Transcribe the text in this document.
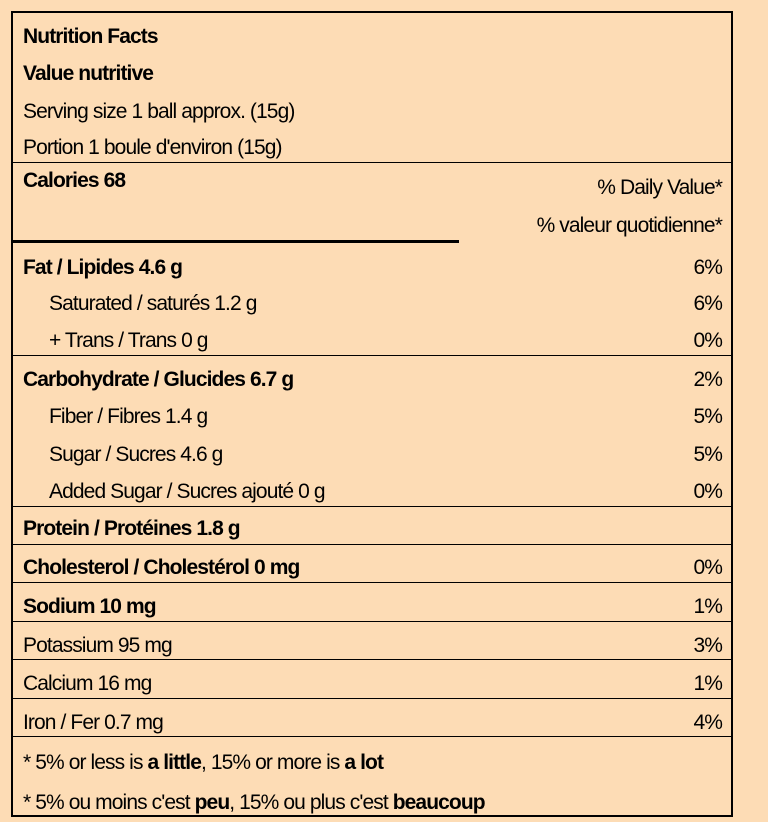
Nutrition Facts
Value nutritive
Serving size 1 ball approx. (15g)
Portion 1 boule d'environ (15g)
Calories 68	% Daily Value*
% valeur quotidienne*
Fat / Lipides 4.6 g	6%
Saturated / saturés 1.2 g	6%
+ Trans / Trans 0 g	0%
Carbohydrate / Glucides 6.7 g	2%
Fiber / Fibres 1.4 g	5%
Sugar / Sucres 4.6 g	5%
Added Sugar / Sucres ajouté 0 g	0%
Protein / Protéines 1.8 g
Cholesterol / Cholestérol 0 mg	0%
Sodium 10 mg	1%
Potassium 95 mg	3%
Calcium 16 mg	1%
Iron / Fer 0.7 mg	4%
* 5% or less is a little, 15% or more is a lot
* 5% ou moins c'est peu, 15% ou plus c'est beaucoup
